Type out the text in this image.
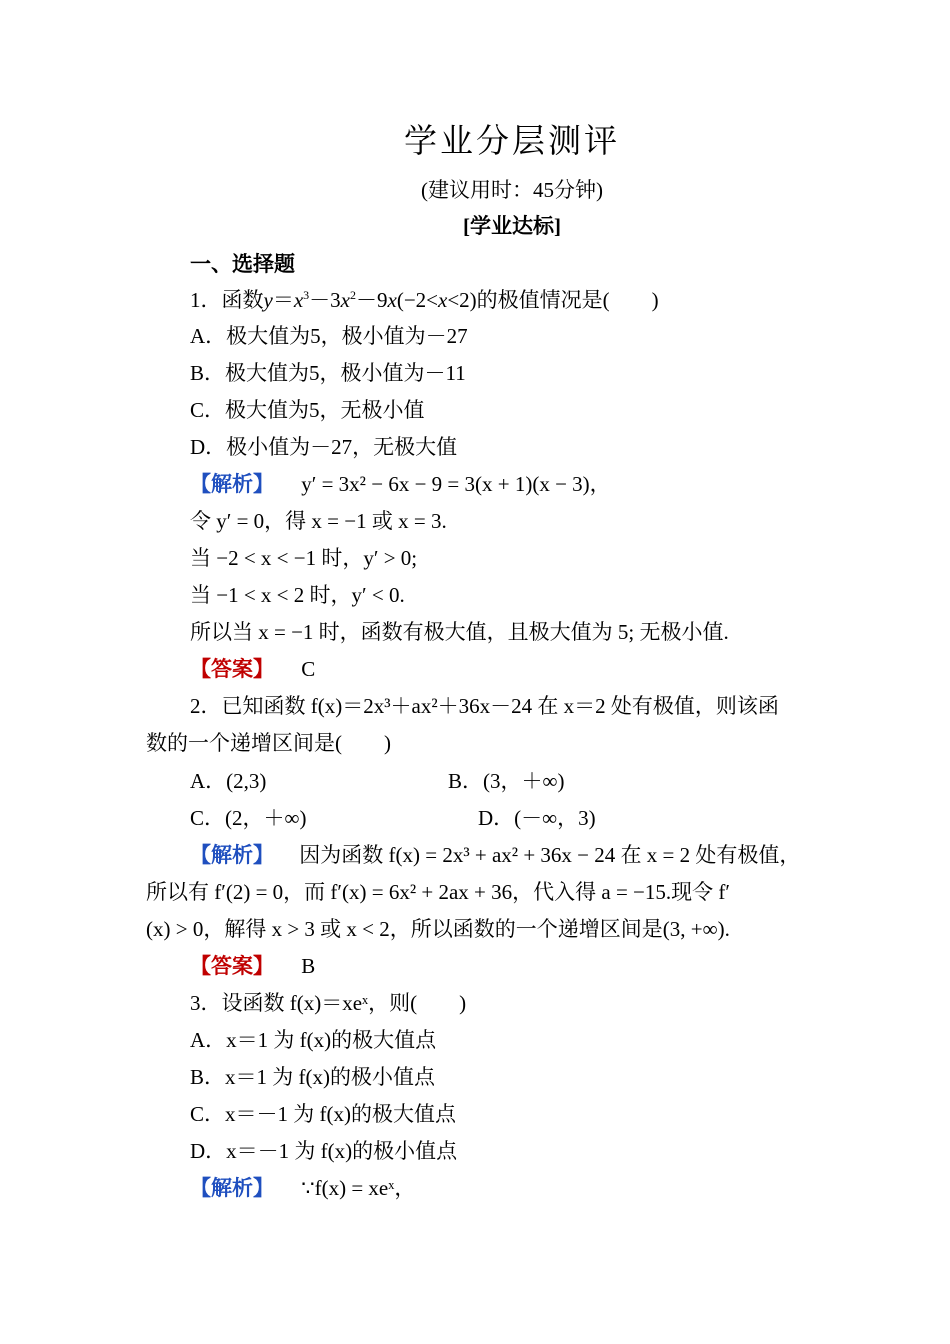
学业分层测评
(建议用时：45分钟)
[学业达标]
一、选择题
1．函数$y=x^3-3x^2-9x(-2<x<2)$的极值情况是(　　)
A．极大值为5，极小值为－27
B．极大值为5，极小值为－11
C．极大值为5，无极小值
D．极小值为－27，无极大值
【解析】 y′ = 3x² − 6x − 9 = 3(x + 1)(x − 3)，
令 y′ = 0，得 x = −1 或 x = 3.
当 −2 < x < −1 时，y′ > 0;
当 −1 < x < 2 时，y′ < 0.
所以当 x = −1 时，函数有极大值，且极大值为 5; 无极小值.
【答案】 C
2．已知函数 f(x)＝2x³＋ax²＋36x－24 在 x＝2 处有极值，则该函
数的一个递增区间是(　　)
A．(2,3)	B．(3，＋∞)
C．(2，＋∞)	D．(－∞，3)
【解析】 因为函数 f(x) = 2x³ + ax² + 36x − 24 在 x = 2 处有极值，
所以有 f′(2) = 0，而 f′(x) = 6x² + 2ax + 36，代入得 a = −15.现令 f′
(x) > 0，解得 x > 3 或 x < 2，所以函数的一个递增区间是(3, +∞).
【答案】 B
3．设函数 f(x)＝xeˣ，则(　　)
A．x＝1 为 f(x)的极大值点
B．x＝1 为 f(x)的极小值点
C．x＝－1 为 f(x)的极大值点
D．x＝－1 为 f(x)的极小值点
【解析】 ∵f(x) = xeˣ，
